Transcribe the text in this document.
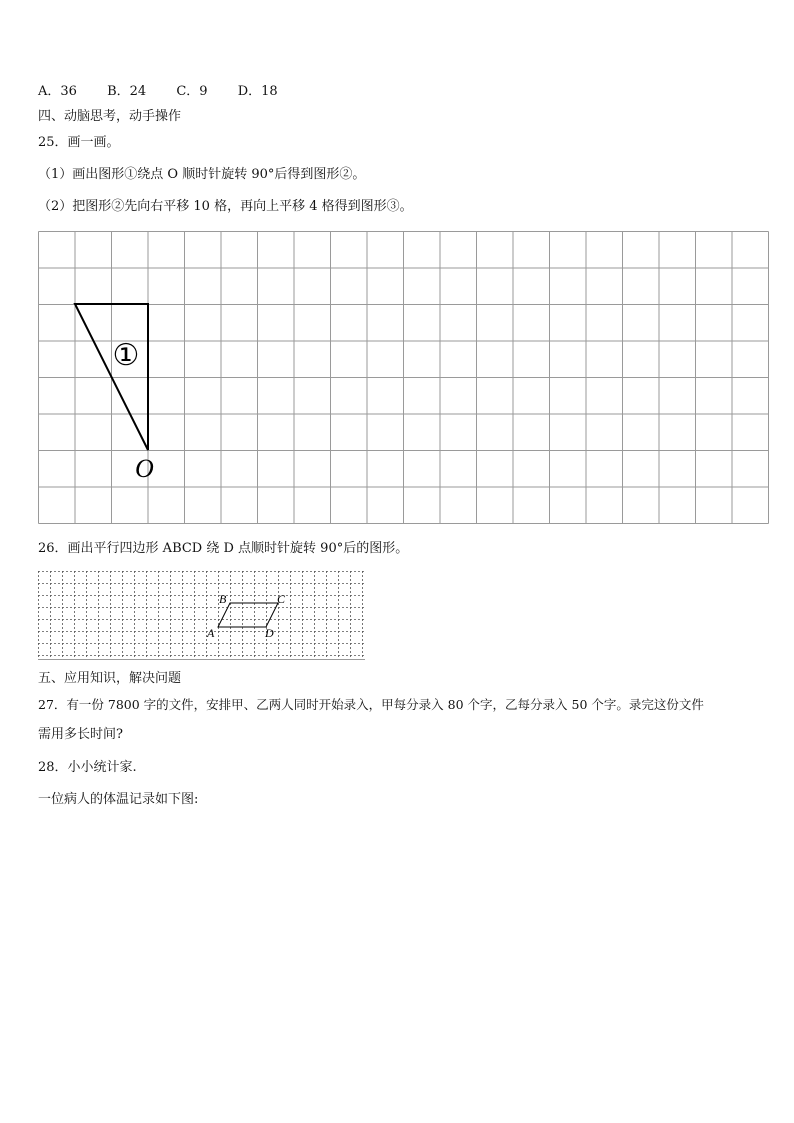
A．36 B．24 C．9 D．18
四、动脑思考，动手操作
25．画一画。
（1）画出图形①绕点 O 顺时针旋转 90°后得到图形②。
（2）把图形②先向右平移 10 格，再向上平移 4 格得到图形③。
①
O
26．画出平行四边形 ABCD 绕 D 点顺时针旋转 90°后的图形。
B	C
A	D
五、应用知识，解决问题
27．有一份 7800 字的文件，安排甲、乙两人同时开始录入，甲每分录入 80 个字，乙每分录入 50 个字。录完这份文件
需用多长时间?
28．小小统计家.
一位病人的体温记录如下图:
